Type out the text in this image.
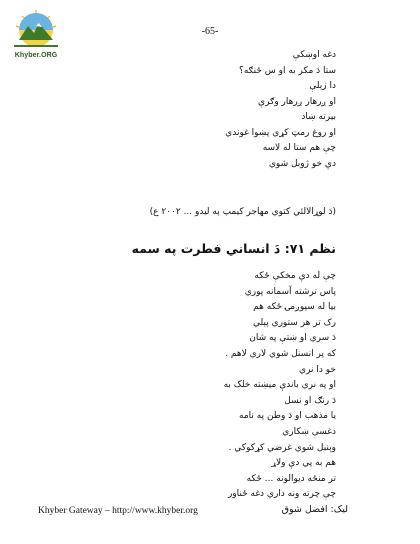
Khyber.ORG
-65-
دغه اوښکې
ستا دَ مکر به او س ځنګه؟
دا زېلې
او ږرهار ږرهار وګرې
بيرته ښاد
او روغ رمټ کړي پښوا غوندي
چې هم ستا له لاسه
دې خو ژوبل شوي
(دَ لوړالالئي کتوي مهاجر کيمپ په ليدو ... ۲۰۰۲ ع)
نظم ۷۱: دَ انساني فطرت په سمه
چې له دې مخکې ځکه
پاس ترشته آسمانه پوري
بيا له سپوږمۍ ځکه هم
رک تر هر ستوري پېلي
دَ سري او ښتې په شان
که پر انسنل شوي لاري لاهم .
خو دا نري
او په نري باندې ميښته خلک به
دَ رنګ او نسل
يا مذهب او دَ وطن په نامه
دغسې ښکاري
وېنبل شوي غرضي کړکوکي .
هم به پي دې ولاړ
تر منځه ديوالونه ... ځکه
چې چرته ونه داري دغه ځناور
Khyber Gateway – http://www.khyber.org	ليک: افضل شوق
